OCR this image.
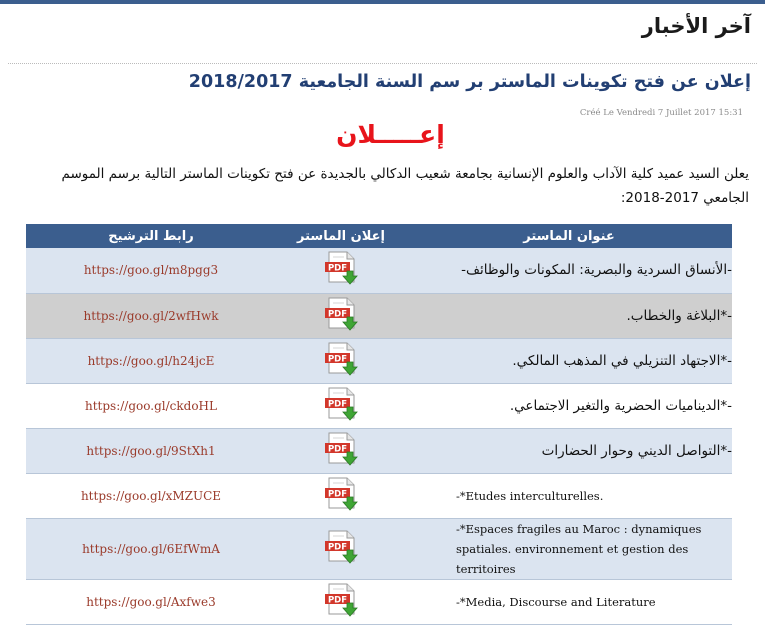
آخر الأخبار
إعلان عن فتح تكوينات الماستر بر سم السنة الجامعية 2018/2017
Créé Le Vendredi 7 Juillet 2017 15:31
إعـــــلان
يعلن السيد عميد كلية الآداب والعلوم الإنسانية بجامعة شعيب الدكالي بالجديدة عن فتح تكوينات الماستر التالية برسم الموسم الجامعي 2017-2018:
رابط الترشيح	إعلان الماستر	عنوان الماستر
https://goo.gl/m8pgg3	PDF	-الأنساق السردية والبصرية: المكونات والوظائف-
https://goo.gl/2wfHwk	PDF	-*البلاغة والخطاب.
https://goo.gl/h24jcE	PDF	-*الاجتهاد التنزيلي في المذهب المالكي.
https://goo.gl/ckdoHL	PDF	-*الديناميات الحضرية والتغير الاجتماعي.
https://goo.gl/9StXh1	PDF	-*التواصل الديني وحوار الحضارات
https://goo.gl/xMZUCE	PDF	-*Etudes interculturelles.
https://goo.gl/6EfWmA	PDF	-*Espaces fragiles au Maroc : dynamiques spatiales. environnement et gestion des territoires
https://goo.gl/Axfwe3	PDF	-*Media, Discourse and Literature
